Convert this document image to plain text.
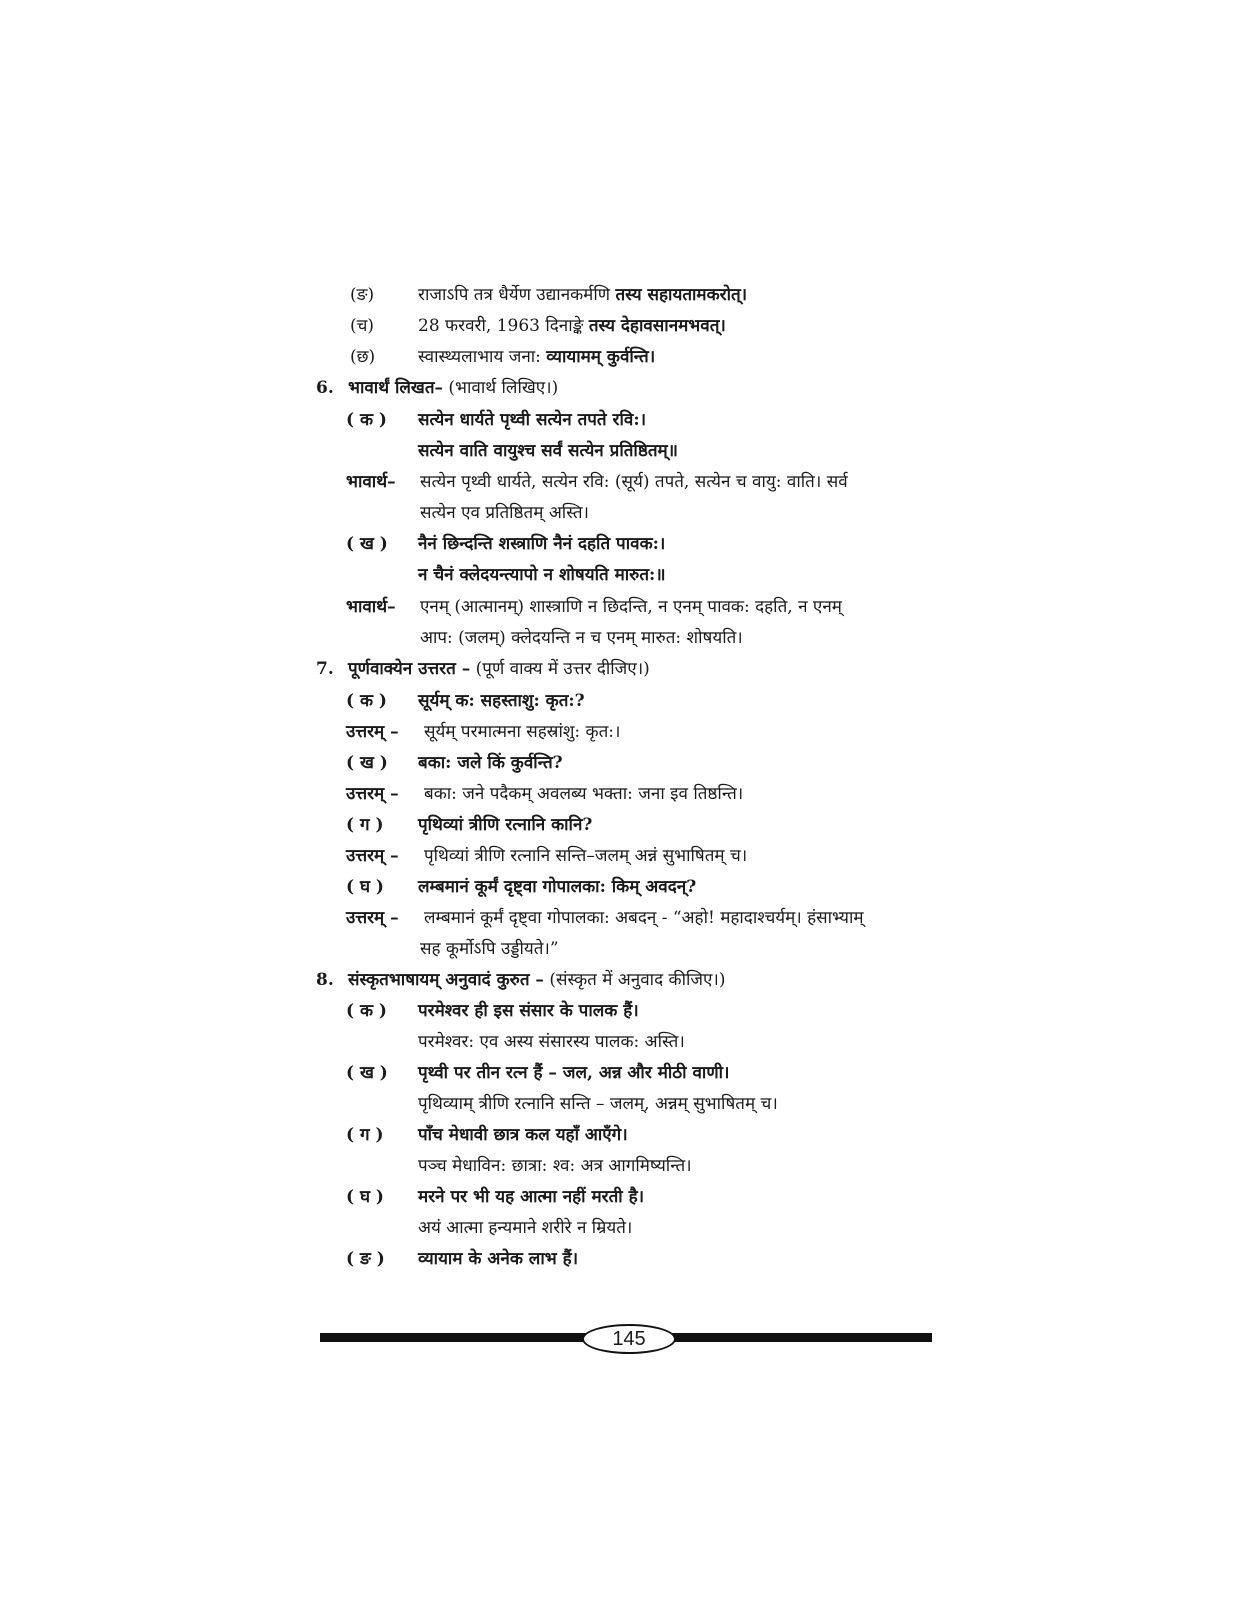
(ङ)	राजाऽपि तत्र धैर्येण उद्यानकर्मणि तस्य सहायतामकरोत्।
(च)	28 फरवरी, 1963 दिनाङ्के तस्य देहावसानमभवत्।
(छ)	स्वास्थ्यलाभाय जना: व्यायामम् कुर्वन्ति।
6. भावार्थं लिखत– (भावार्थ लिखिए।)
( क ) सत्येन धार्यते पृथ्वी सत्येन तपते रवि:।
सत्येन वाति वायुश्च सर्वं सत्येन प्रतिष्ठितम्॥
भावार्थ– सत्येन पृथ्वी धार्यते, सत्येन रवि: (सूर्य) तपते, सत्येन च वायु: वाति। सर्व
सत्येन एव प्रतिष्ठितम् अस्ति।
( ख ) नैनं छिन्दन्ति शस्त्राणि नैनं दहति पावक:।
न चैनं क्लेदयन्त्यापो न शोषयति मारुत:॥
भावार्थ– एनम् (आत्मानम्) शास्त्राणि न छिदन्ति, न एनम् पावक: दहति, न एनम्
आप: (जलम्) क्लेदयन्ति न च एनम् मारुत: शोषयति।
7. पूर्णवाक्येन उत्तरत – (पूर्ण वाक्य में उत्तर दीजिए।)
( क ) सूर्यम् क: सहस्ताशु: कृत:?
उत्तरम् – सूर्यम् परमात्मना सहस्रांशु: कृत:।
( ख ) बका: जले किं कुर्वन्ति?
उत्तरम् – बका: जने पदैकम् अवलब्य भक्ता: जना इव तिष्ठन्ति।
( ग ) पृथिव्यां त्रीणि रत्नानि कानि?
उत्तरम् – पृथिव्यां त्रीणि रत्नानि सन्ति–जलम् अन्नं सुभाषितम् च।
( घ ) लम्बमानं कूर्मं दृष्ट्वा गोपालका: किम् अवदन्?
उत्तरम् – लम्बमानं कूर्मं दृष्ट्वा गोपालका: अबदन् - “अहो! महादाश्चर्यम्। हंसाभ्याम्
सह कूर्मोऽपि उड्डीयते।”
8. संस्कृतभाषायम् अनुवादं कुरुत – (संस्कृत में अनुवाद कीजिए।)
( क ) परमेश्वर ही इस संसार के पालक हैं।
परमेश्वर: एव अस्य संसारस्य पालक: अस्ति।
( ख ) पृथ्वी पर तीन रत्न हैं – जल, अन्न और मीठी वाणी।
पृथिव्याम् त्रीणि रत्नानि सन्ति – जलम्, अन्नम् सुभाषितम् च।
( ग ) पाँच मेधावी छात्र कल यहाँ आएँगे।
पञ्च मेधाविन: छात्रा: श्व: अत्र आगमिष्यन्ति।
( घ ) मरने पर भी यह आत्मा नहीं मरती है।
अयं आत्मा हन्यमाने शरीरे न म्रियते।
( ङ ) व्यायाम के अनेक लाभ हैं।
145
